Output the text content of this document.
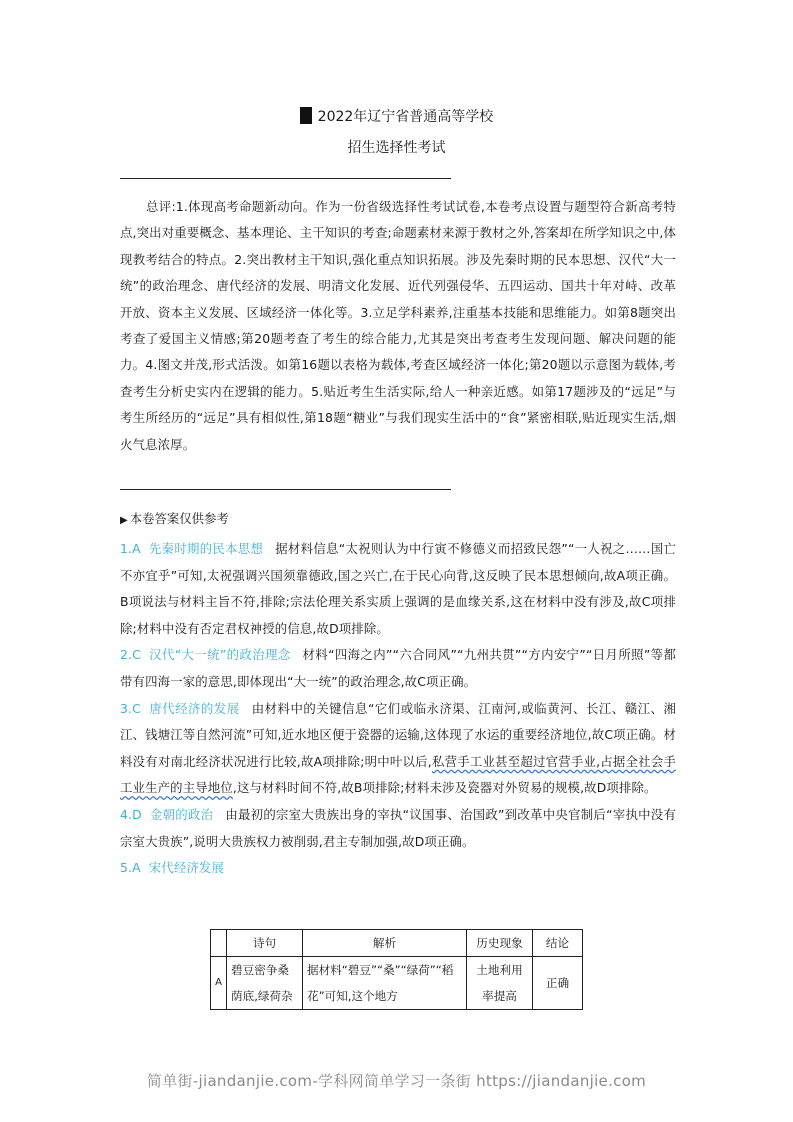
2022年辽宁省普通高等学校
招生选择性考试

总评:1.体现高考命题新动向。作为一份省级选择性考试试卷,本卷考点设置与题型符合新高考特点,突出对重要概念、基本理论、主干知识的考查;命题素材来源于教材之外,答案却在所学知识之中,体现教考结合的特点。2.突出教材主干知识,强化重点知识拓展。涉及先秦时期的民本思想、汉代“大一统”的政治理念、唐代经济的发展、明清文化发展、近代列强侵华、五四运动、国共十年对峙、改革开放、资本主义发展、区域经济一体化等。3.立足学科素养,注重基本技能和思维能力。如第8题突出考查了爱国主义情感;第20题考查了考生的综合能力,尤其是突出考查考生发现问题、解决问题的能力。4.图文并茂,形式活泼。如第16题以表格为载体,考查区域经济一体化;第20题以示意图为载体,考查考生分析史实内在逻辑的能力。5.贴近考生生活实际,给人一种亲近感。如第17题涉及的“远足”与考生所经历的“远足”具有相似性,第18题“糖业”与我们现实生活中的“食”紧密相联,贴近现实生活,烟火气息浓厚。

▶ 本卷答案仅供参考

1.A 先秦时期的民本思想 据材料信息“太祝则认为中行寅不修德义而招致民怨”“一人祝之……国亡不亦宜乎”可知,太祝强调兴国须靠德政,国之兴亡,在于民心向背,这反映了民本思想倾向,故A项正确。B项说法与材料主旨不符,排除;宗法伦理关系实质上强调的是血缘关系,这在材料中没有涉及,故C项排除;材料中没有否定君权神授的信息,故D项排除。

2.C 汉代“大一统”的政治理念 材料“四海之内”“六合同风”“九州共贯”“方内安宁”“日月所照”等都带有四海一家的意思,即体现出“大一统”的政治理念,故C项正确。

3.C 唐代经济的发展 由材料中的关键信息“它们或临永济渠、江南河,或临黄河、长江、赣江、湘江、钱塘江等自然河流”可知,近水地区便于瓷器的运输,这体现了水运的重要经济地位,故C项正确。材料没有对南北经济状况进行比较,故A项排除;明中叶以后,私营手工业甚至超过官营手业,占据全社会手工业生产的主导地位,这与材料时间不符,故B项排除;材料未涉及瓷器对外贸易的规模,故D项排除。

4.D 金朝的政治 由最初的宗室大贵族出身的宰执“议国事、治国政”到改革中央官制后“宰执中没有宗室大贵族”,说明大贵族权力被削弱,君主专制加强,故D项正确。

5.A 宋代经济发展

	诗句	解析	历史现象	结论
A	碧豆密争桑荫底,绿荷杂	据材料“碧豆”“桑”“绿荷”“稻花”可知,这个地方	土地利用率提高	正确
简单街-jiandanjie.com-学科网简单学习一条街 https://jiandanjie.com
